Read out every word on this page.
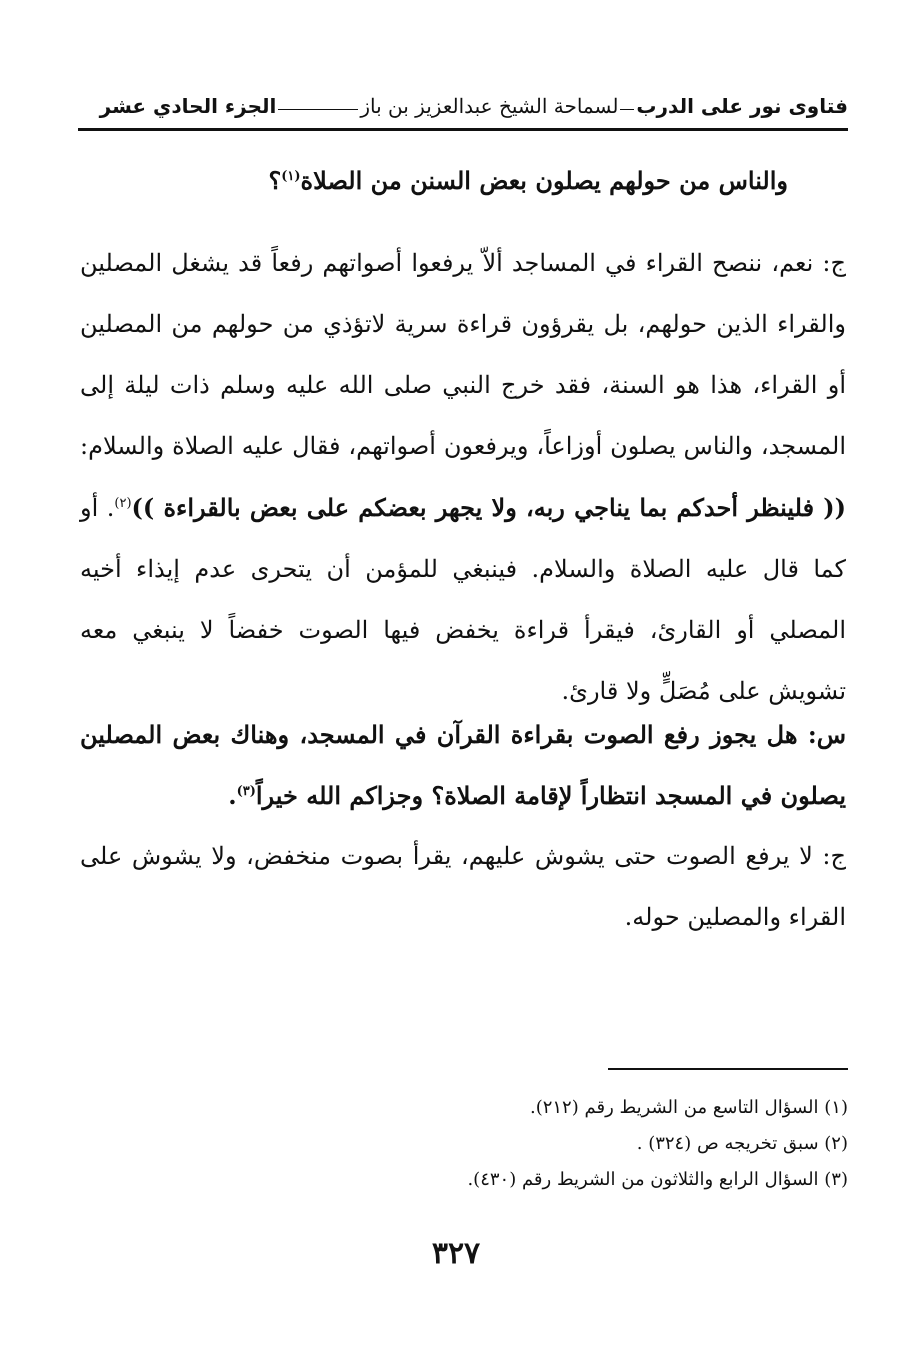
فتاوى نور على الدرب
لسماحة الشيخ عبدالعزيز بن باز
الجزء الحادي عشر

والناس من حولهم يصلون بعض السنن من الصلاة$^{(١)}$؟

ج: نعم، ننصح القراء في المساجد ألاّ يرفعوا أصواتهم رفعاً قد يشغل المصلين والقراء الذين حولهم، بل يقرؤون قراءة سرية لاتؤذي من حولهم من المصلين أو القراء، هذا هو السنة، فقد خرج النبي صلى الله عليه وسلم ذات ليلة إلى المسجد، والناس يصلون أوزاعاً، ويرفعون أصواتهم، فقال عليه الصلاة والسلام: (( فلينظر أحدكم بما يناجي ربه، ولا يجهر بعضكم على بعض بالقراءة ))$^{(٢)}$. أو كما قال عليه الصلاة والسلام. فينبغي للمؤمن أن يتحرى عدم إيذاء أخيه المصلي أو القارئ، فيقرأ قراءة يخفض فيها الصوت خفضاً لا ينبغي معه تشويش على مُصَلٍّ ولا قارئ.

س: هل يجوز رفع الصوت بقراءة القرآن في المسجد، وهناك بعض المصلين يصلون في المسجد انتظاراً لإقامة الصلاة؟ وجزاكم الله خيراً$^{(٣)}$.

ج: لا يرفع الصوت حتى يشوش عليهم، يقرأ بصوت منخفض، ولا يشوش على القراء والمصلين حوله.

(١) السؤال التاسع من الشريط رقم (٢١٢).
(٢) سبق تخريجه ص (٣٢٤) .
(٣) السؤال الرابع والثلاثون من الشريط رقم (٤٣٠).
٣٢٧
